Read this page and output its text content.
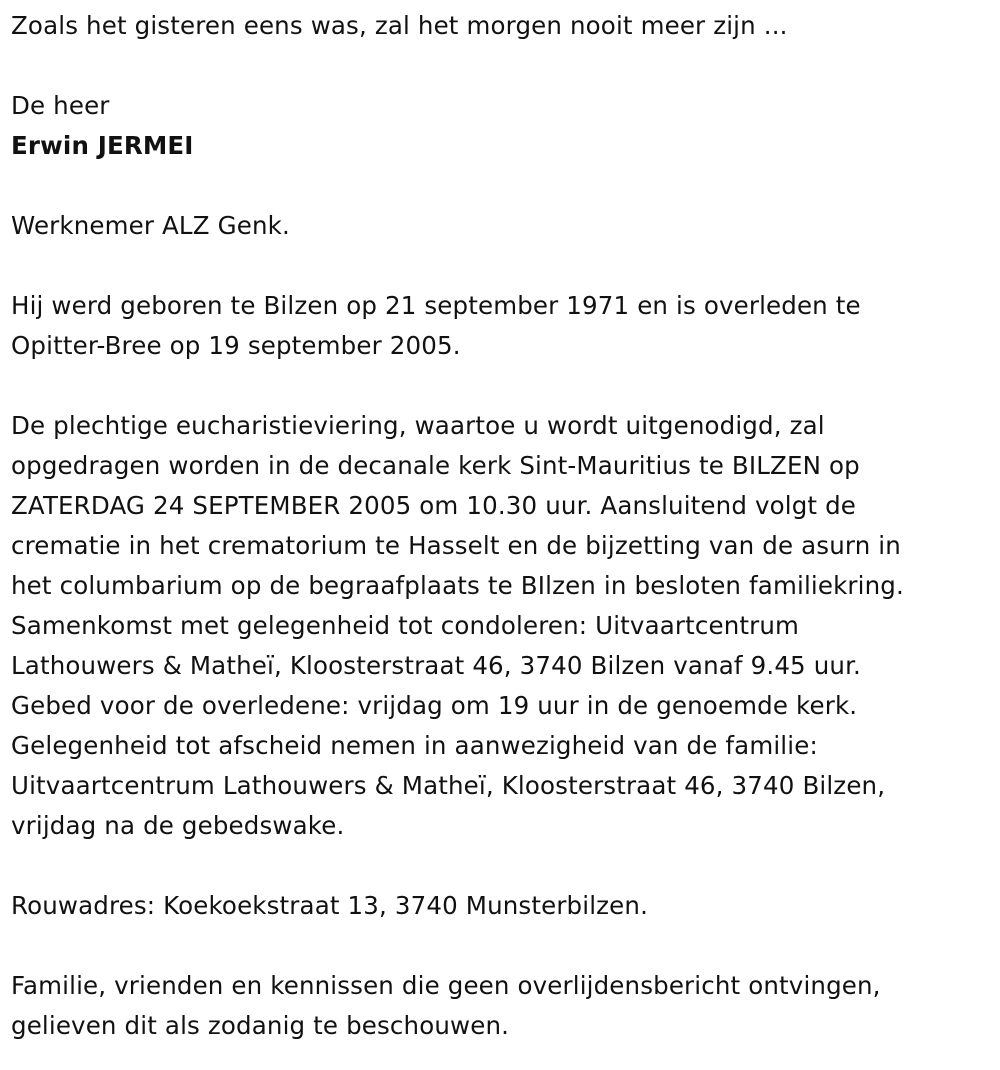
Zoals het gisteren eens was, zal het morgen nooit meer zijn ...
De heer
Erwin JERMEI
Werknemer ALZ Genk.
Hij werd geboren te Bilzen op 21 september 1971 en is overleden te
Opitter-Bree op 19 september 2005.
De plechtige eucharistieviering, waartoe u wordt uitgenodigd, zal
opgedragen worden in de decanale kerk Sint-Mauritius te BILZEN op
ZATERDAG 24 SEPTEMBER 2005 om 10.30 uur. Aansluitend volgt de
crematie in het crematorium te Hasselt en de bijzetting van de asurn in
het columbarium op de begraafplaats te BIlzen in besloten familiekring.
Samenkomst met gelegenheid tot condoleren: Uitvaartcentrum
Lathouwers & Matheï, Kloosterstraat 46, 3740 Bilzen vanaf 9.45 uur.
Gebed voor de overledene: vrijdag om 19 uur in de genoemde kerk.
Gelegenheid tot afscheid nemen in aanwezigheid van de familie:
Uitvaartcentrum Lathouwers & Matheï, Kloosterstraat 46, 3740 Bilzen,
vrijdag na de gebedswake.
Rouwadres: Koekoekstraat 13, 3740 Munsterbilzen.
Familie, vrienden en kennissen die geen overlijdensbericht ontvingen,
gelieven dit als zodanig te beschouwen.
